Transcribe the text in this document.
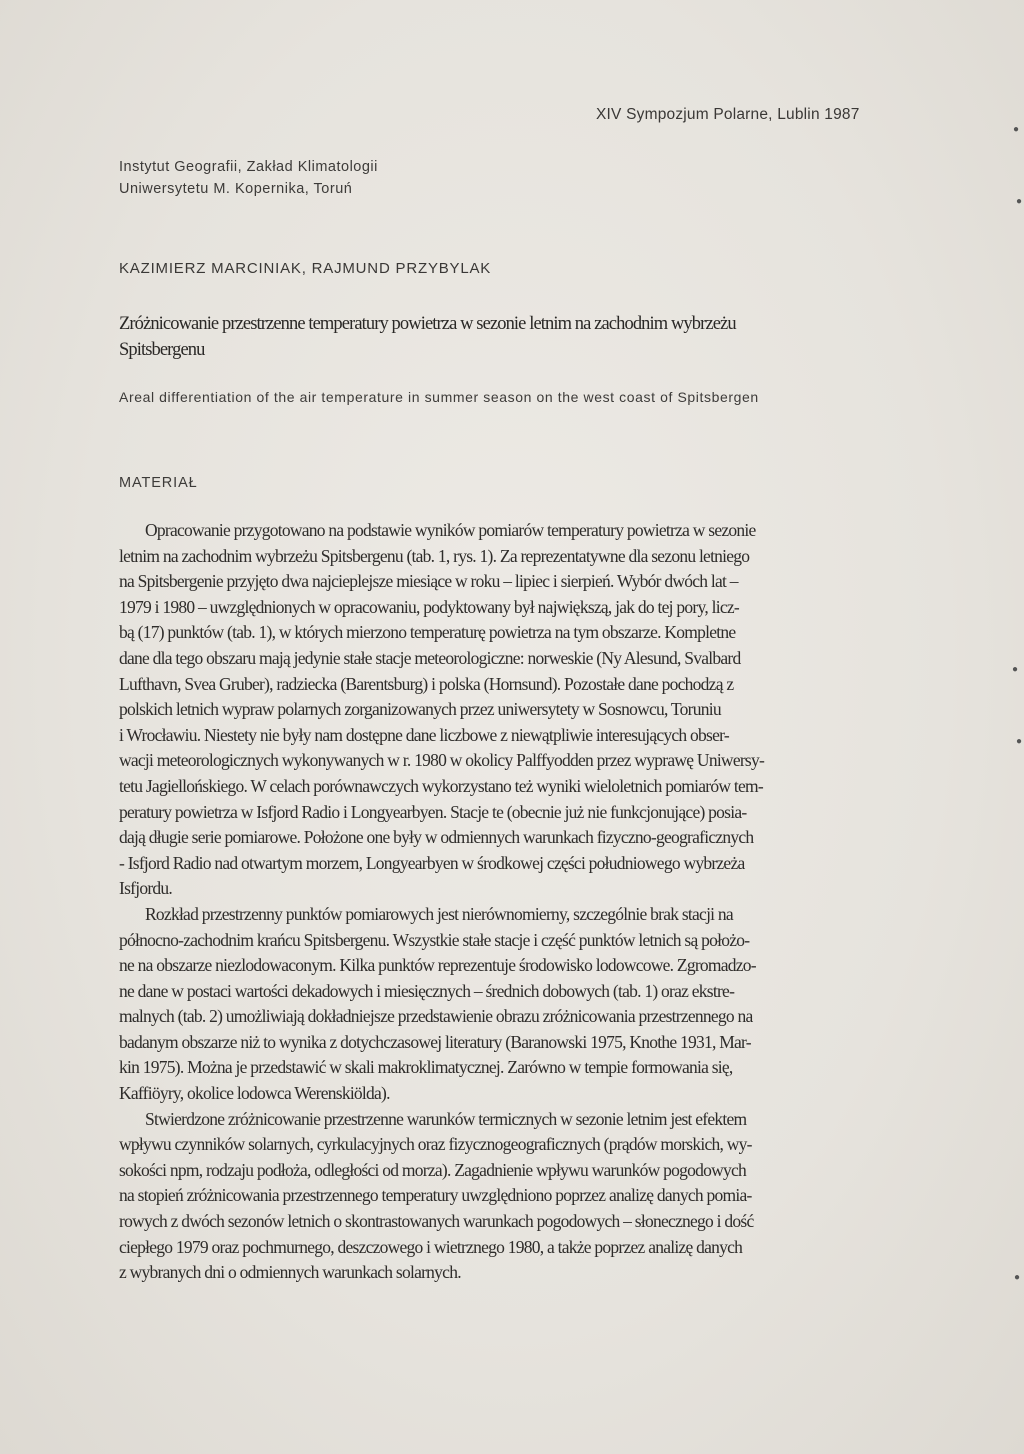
XIV Sympozjum Polarne, Lublin 1987
Instytut Geografii, Zakład Klimatologii
Uniwersytetu M. Kopernika, Toruń
KAZIMIERZ MARCINIAK, RAJMUND PRZYBYLAK
Zróżnicowanie przestrzenne temperatury powietrza w sezonie letnim na zachodnim wybrzeżu
Spitsbergenu
Areal differentiation of the air temperature in summer season on the west coast of Spitsbergen
MATERIAŁ
Opracowanie przygotowano na podstawie wyników pomiarów temperatury powietrza w sezonie
letnim na zachodnim wybrzeżu Spitsbergenu (tab. 1, rys. 1). Za reprezentatywne dla sezonu letniego
na Spitsbergenie przyjęto dwa najcieplejsze miesiące w roku – lipiec i sierpień. Wybór dwóch lat –
1979 i 1980 – uwzględnionych w opracowaniu, podyktowany był największą, jak do tej pory, licz-
bą (17) punktów (tab. 1), w których mierzono temperaturę powietrza na tym obszarze. Kompletne
dane dla tego obszaru mają jedynie stałe stacje meteorologiczne: norweskie (Ny Alesund, Svalbard
Lufthavn, Svea Gruber), radziecka (Barentsburg) i polska (Hornsund). Pozostałe dane pochodzą z
polskich letnich wypraw polarnych zorganizowanych przez uniwersytety w Sosnowcu, Toruniu
i Wrocławiu. Niestety nie były nam dostępne dane liczbowe z niewątpliwie interesujących obser-
wacji meteorologicznych wykonywanych w r. 1980 w okolicy Palffyodden przez wyprawę Uniwersy-
tetu Jagiellońskiego. W celach porównawczych wykorzystano też wyniki wieloletnich pomiarów tem-
peratury powietrza w Isfjord Radio i Longyearbyen. Stacje te (obecnie już nie funkcjonujące) posia-
dają długie serie pomiarowe. Położone one były w odmiennych warunkach fizyczno-geograficznych
- Isfjord Radio nad otwartym morzem, Longyearbyen w środkowej części południowego wybrzeża
Isfjordu.
Rozkład przestrzenny punktów pomiarowych jest nierównomierny, szczególnie brak stacji na
północno-zachodnim krańcu Spitsbergenu. Wszystkie stałe stacje i część punktów letnich są położo-
ne na obszarze niezlodowaconym. Kilka punktów reprezentuje środowisko lodowcowe. Zgromadzo-
ne dane w postaci wartości dekadowych i miesięcznych – średnich dobowych (tab. 1) oraz ekstre-
malnych (tab. 2) umożliwiają dokładniejsze przedstawienie obrazu zróżnicowania przestrzennego na
badanym obszarze niż to wynika z dotychczasowej literatury (Baranowski 1975, Knothe 1931, Mar-
kin 1975). Można je przedstawić w skali makroklimatycznej. Zarówno w tempie formowania się,
Kaffiöyry, okolice lodowca Werenskiölda).
Stwierdzone zróżnicowanie przestrzenne warunków termicznych w sezonie letnim jest efektem
wpływu czynników solarnych, cyrkulacyjnych oraz fizycznogeograficznych (prądów morskich, wy-
sokości npm, rodzaju podłoża, odległości od morza). Zagadnienie wpływu warunków pogodowych
na stopień zróżnicowania przestrzennego temperatury uwzględniono poprzez analizę danych pomia-
rowych z dwóch sezonów letnich o skontrastowanych warunkach pogodowych – słonecznego i dość
ciepłego 1979 oraz pochmurnego, deszczowego i wietrznego 1980, a także poprzez analizę danych
z wybranych dni o odmiennych warunkach solarnych.
●
●
●
●
●
